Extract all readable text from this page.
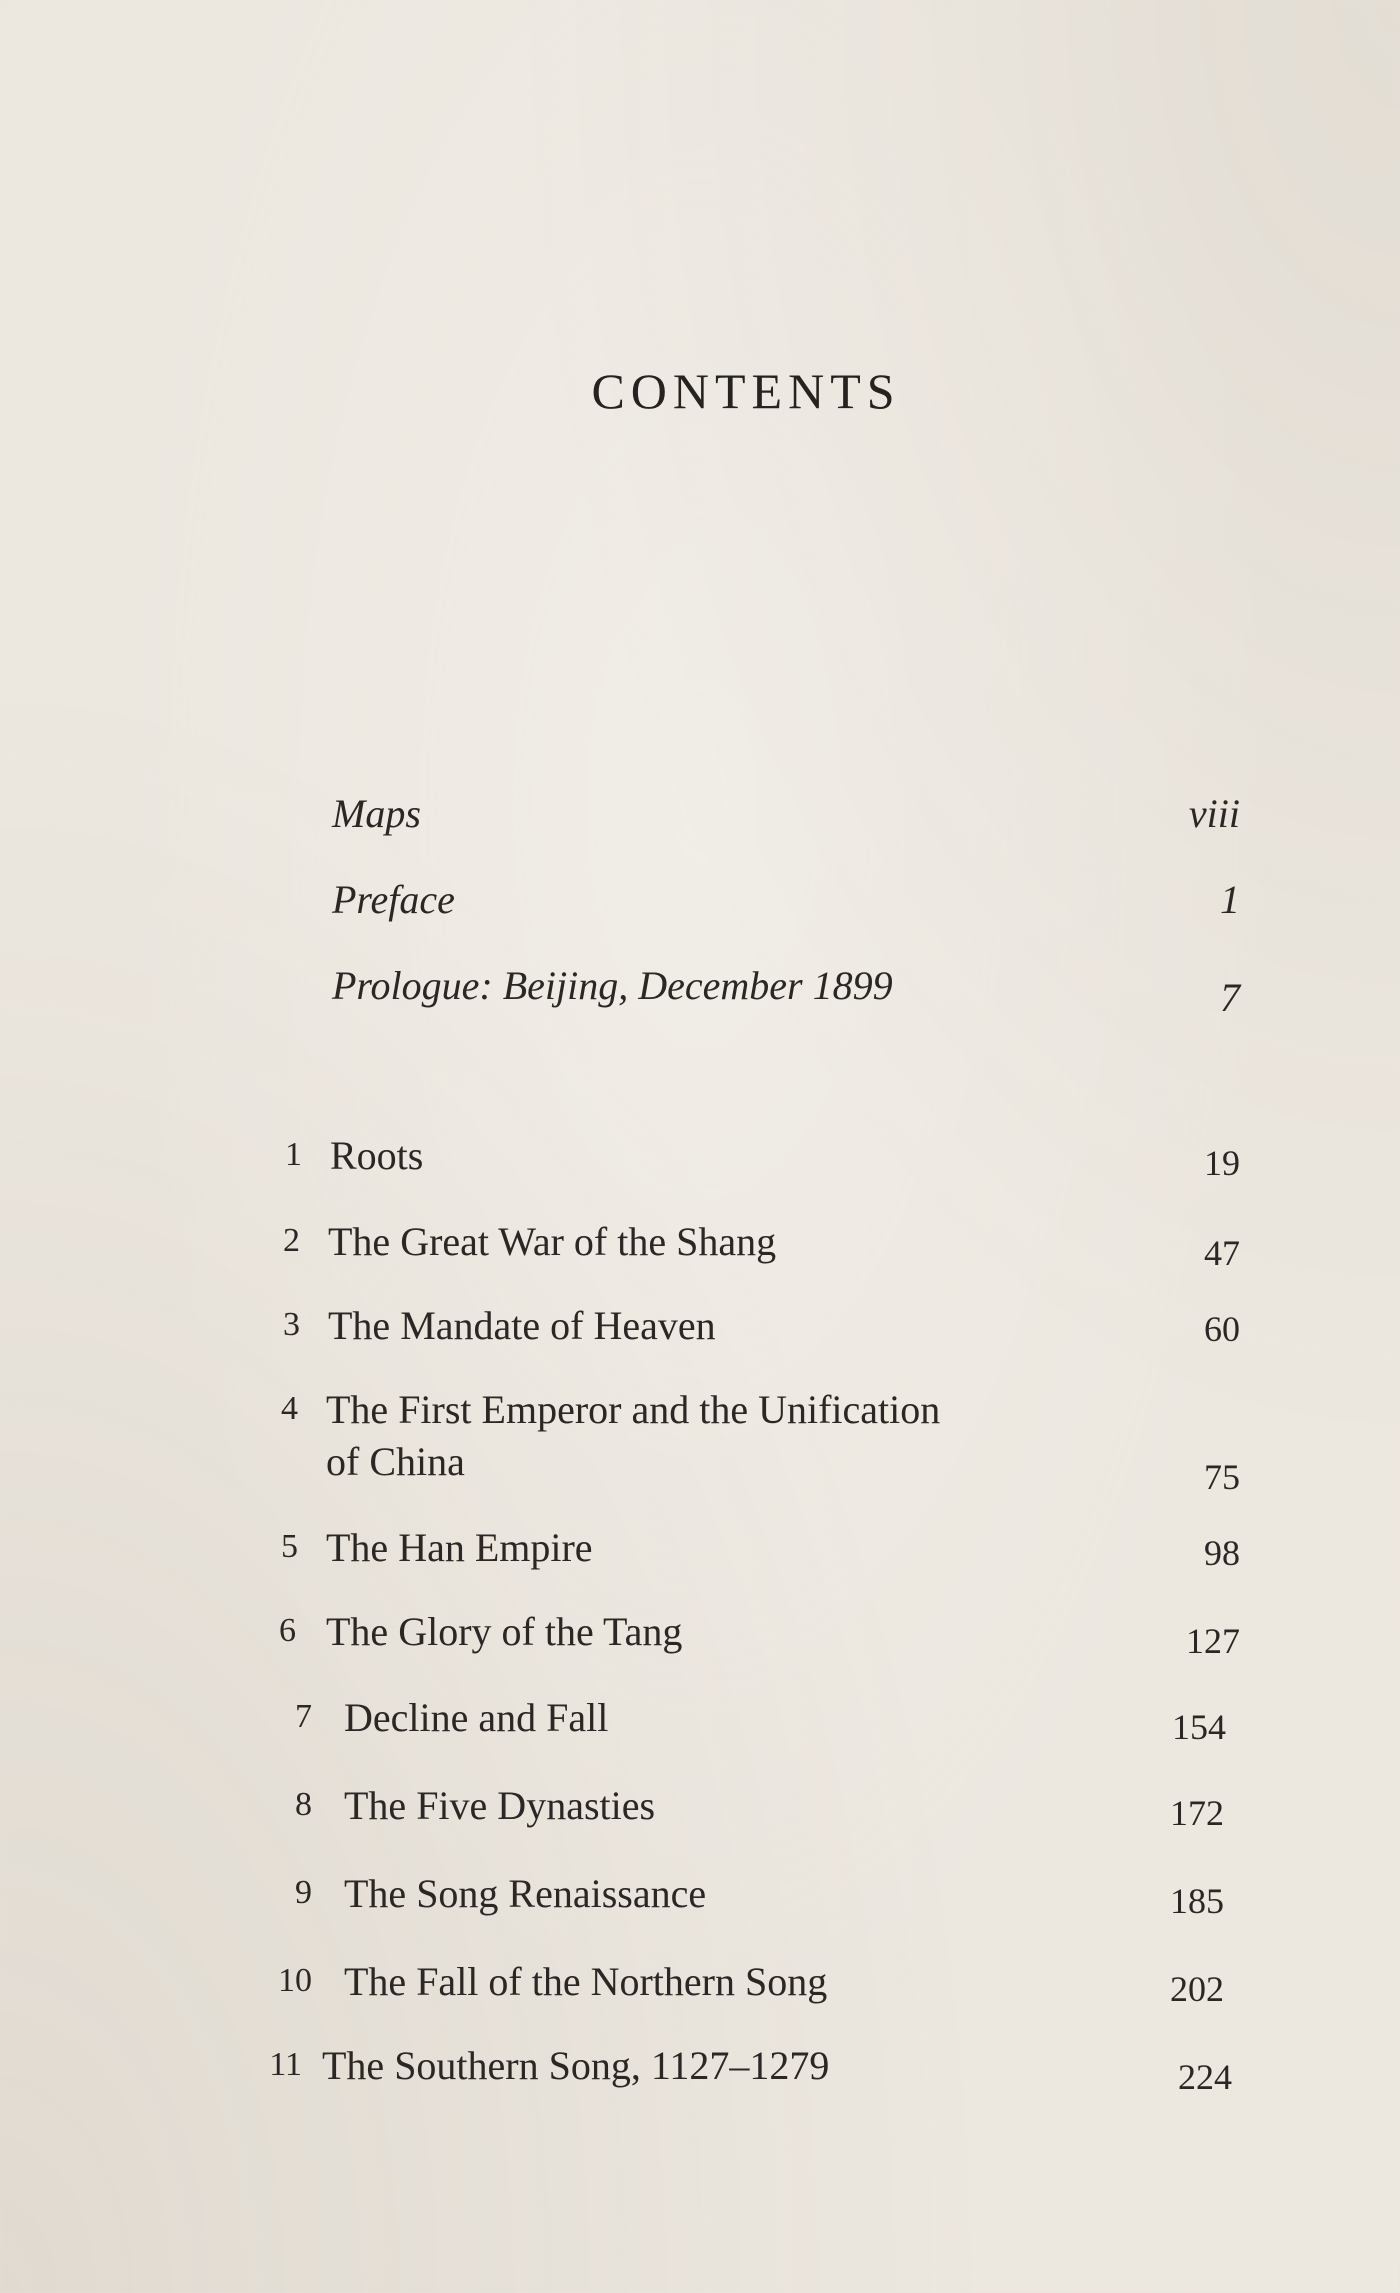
CONTENTS
Maps	viii
Preface	1
Prologue: Beijing, December 1899	7
1 Roots	19
2 The Great War of the Shang	47
3 The Mandate of Heaven	60
4 The First Emperor and the Unification
of China	75
5 The Han Empire	98
6 The Glory of the Tang	127
7 Decline and Fall	154
8 The Five Dynasties	172
9 The Song Renaissance	185
10 The Fall of the Northern Song	202
11 The Southern Song, 1127–1279	224
